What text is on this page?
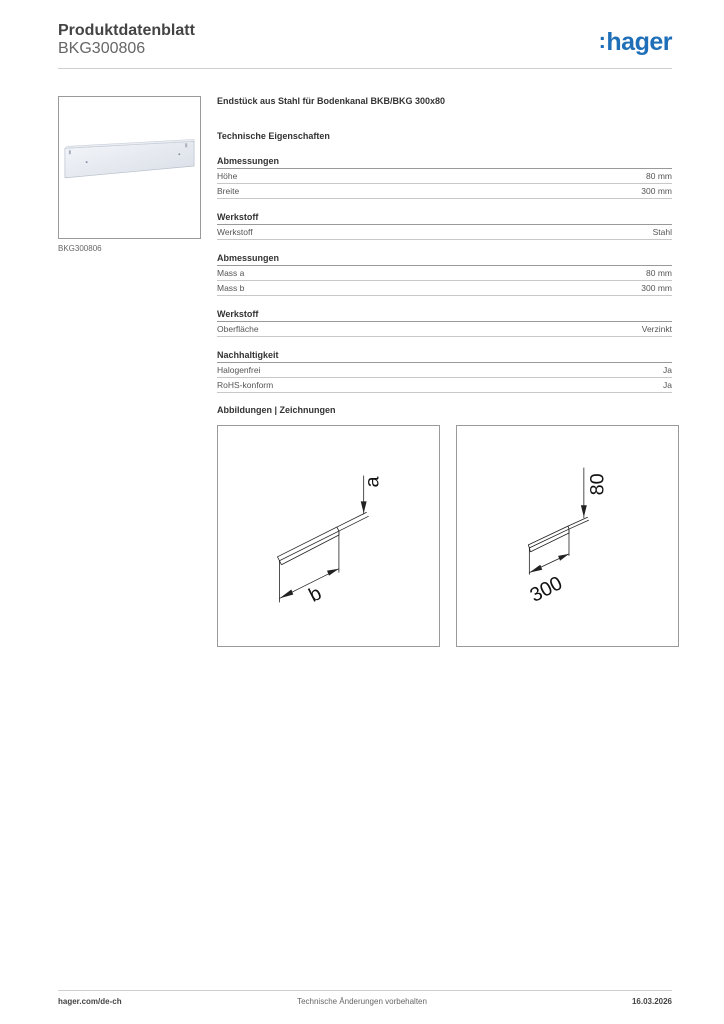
Produktdatenblatt
BKG300806	:hager
BKG300806
Endstück aus Stahl für Bodenkanal BKB/BKG 300x80
Technische Eigenschaften
Abmessungen
Höhe	80 mm
Breite	300 mm
Werkstoff
Werkstoff	Stahl
Abmessungen
Mass a	80 mm
Mass b	300 mm
Werkstoff
Oberfläche	Verzinkt
Nachhaltigkeit
Halogenfrei	Ja
RoHS-konform	Ja
Abbildungen | Zeichnungen
b
a
300
80
hager.com/de-ch	Technische Änderungen vorbehalten	16.03.2026
